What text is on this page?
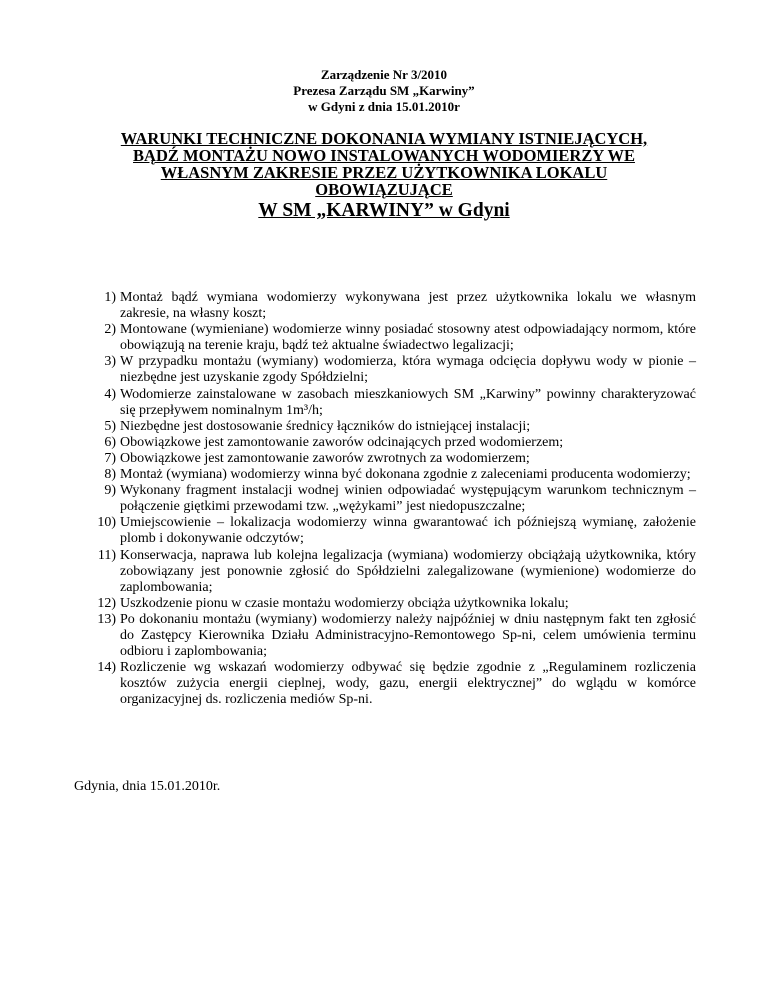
Zarządzenie Nr 3/2010
Prezesa Zarządu SM „Karwiny”
w Gdyni z dnia 15.01.2010r
WARUNKI TECHNICZNE DOKONANIA WYMIANY ISTNIEJĄCYCH,
BĄDŹ MONTAŻU NOWO INSTALOWANYCH WODOMIERZY WE
WŁASNYM ZAKRESIE PRZEZ UŻYTKOWNIKA LOKALU
OBOWIĄZUJĄCE
W SM „KARWINY” w Gdyni
1) Montaż bądź wymiana wodomierzy wykonywana jest przez użytkownika lokalu we własnym zakresie, na własny koszt;
2) Montowane (wymieniane) wodomierze winny posiadać stosowny atest odpowiadający normom, które obowiązują na terenie kraju, bądź też aktualne świadectwo legalizacji;
3) W przypadku montażu (wymiany) wodomierza, która wymaga odcięcia dopływu wody w pionie – niezbędne jest uzyskanie zgody Spółdzielni;
4) Wodomierze zainstalowane w zasobach mieszkaniowych SM „Karwiny” powinny charakteryzować się przepływem nominalnym 1m³/h;
5) Niezbędne jest dostosowanie średnicy łączników do istniejącej instalacji;
6) Obowiązkowe jest zamontowanie zaworów odcinających przed wodomierzem;
7) Obowiązkowe jest zamontowanie zaworów zwrotnych za wodomierzem;
8) Montaż (wymiana) wodomierzy winna być dokonana zgodnie z zaleceniami producenta wodomierzy;
9) Wykonany fragment instalacji wodnej winien odpowiadać występującym warunkom technicznym – połączenie giętkimi przewodami tzw. „wężykami” jest niedopuszczalne;
10) Umiejscowienie – lokalizacja wodomierzy winna gwarantować ich późniejszą wymianę, założenie plomb i dokonywanie odczytów;
11) Konserwacja, naprawa lub kolejna legalizacja (wymiana) wodomierzy obciążają użytkownika, który zobowiązany jest ponownie zgłosić do Spółdzielni zalegalizowane (wymienione) wodomierze do zaplombowania;
12) Uszkodzenie pionu w czasie montażu wodomierzy obciąża użytkownika lokalu;
13) Po dokonaniu montażu (wymiany) wodomierzy należy najpóźniej w dniu następnym fakt ten zgłosić do Zastępcy Kierownika Działu Administracyjno-Remontowego Sp-ni, celem umówienia terminu odbioru i zaplombowania;
14) Rozliczenie wg wskazań wodomierzy odbywać się będzie zgodnie z „Regulaminem rozliczenia kosztów zużycia energii cieplnej, wody, gazu, energii elektrycznej” do wglądu w komórce organizacyjnej ds. rozliczenia mediów Sp-ni.
Gdynia, dnia 15.01.2010r.
